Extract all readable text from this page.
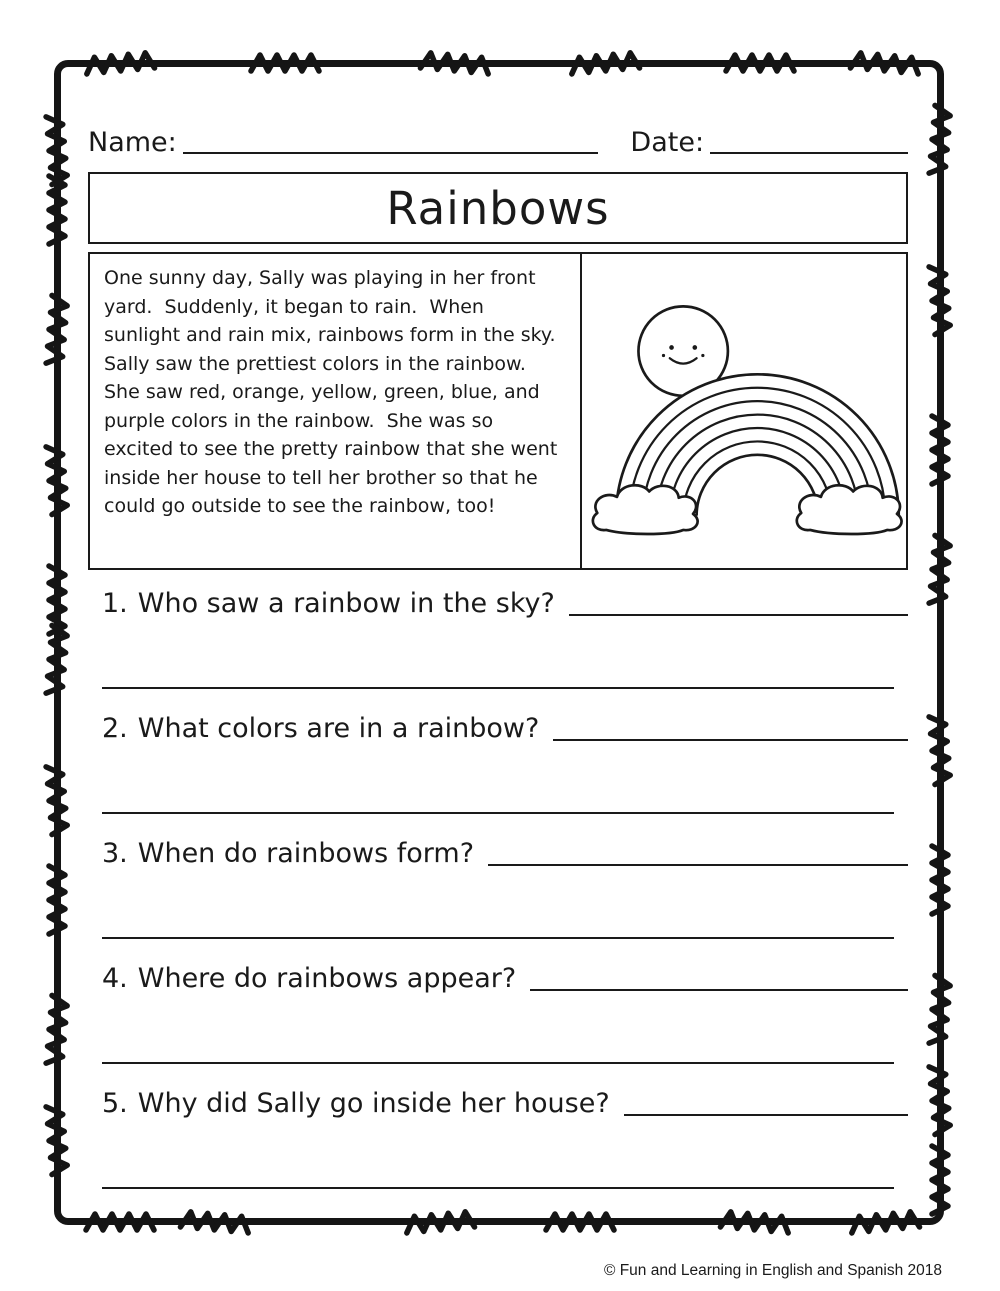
Name:	Date:
Rainbows
One sunny day, Sally was playing in her front yard.  Suddenly, it began to rain.  When sunlight and rain mix, rainbows form in the sky.  Sally saw the prettiest colors in the rainbow.  She saw red, orange, yellow, green, blue, and purple colors in the rainbow.  She was so excited to see the pretty rainbow that she went inside her house to tell her brother so that he could go outside to see the rainbow, too!
1. Who saw a rainbow in the sky?
2. What colors are in a rainbow?
3. When do rainbows form?
4. Where do rainbows appear?
5. Why did Sally go inside her house?
© Fun and Learning in English and Spanish 2018
